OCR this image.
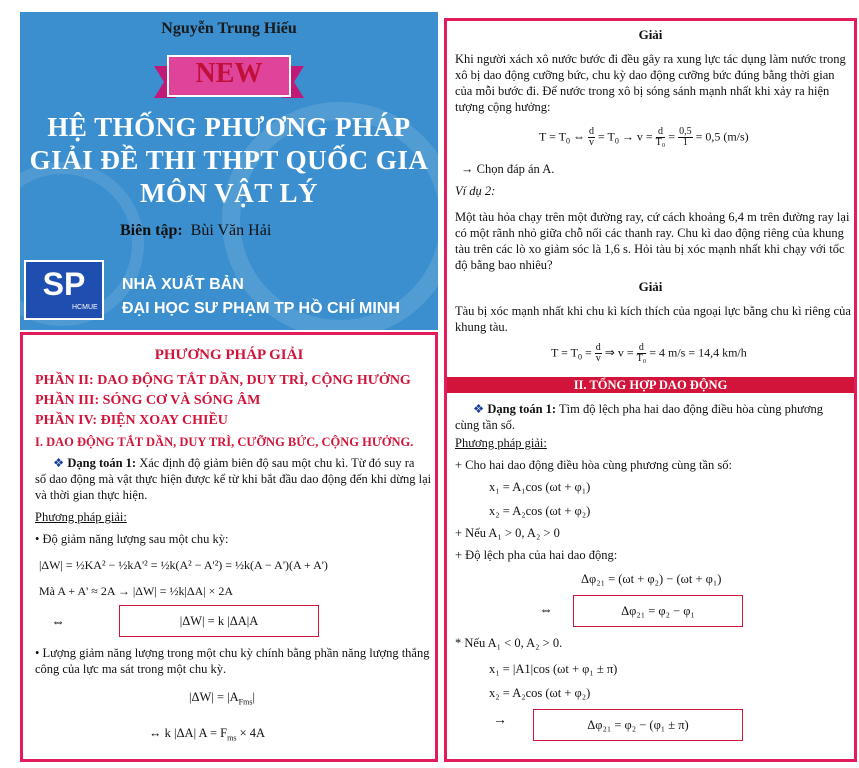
Nguyễn Trung Hiếu
NEW
HỆ THỐNG PHƯƠNG PHÁP
GIẢI ĐỀ THI THPT QUỐC GIA
MÔN VẬT LÝ
Biên tập: Bùi Văn Hải
SP
HCMUE
NHÀ XUẤT BẢN
ĐẠI HỌC SƯ PHẠM TP HỒ CHÍ MINH
PHƯƠNG PHÁP GIẢI
PHẦN II: DAO ĐỘNG TẮT DẦN, DUY TRÌ, CỘNG HƯỞNG
PHẦN III: SÓNG CƠ VÀ SÓNG ÂM
PHẦN IV: ĐIỆN XOAY CHIỀU
I. DAO ĐỘNG TẮT DẦN, DUY TRÌ, CƯỠNG BỨC, CỘNG HƯỞNG.
❖ Dạng toán 1: Xác định độ giảm biên độ sau một chu kì. Từ đó suy ra
số dao động mà vật thực hiện được kể từ khi bắt đầu dao động đến khi dừng lại
và thời gian thực hiện.
Phương pháp giải:
• Độ giảm năng lượng sau một chu kỳ:
|ΔW| = ½KA² − ½kA'² = ½k(A² − A'²) = ½k(A − A')(A + A')
Mà A + A' ≈ 2A → |ΔW| = ½k|ΔA| × 2A
⇔	|ΔW| = k |ΔA|A
• Lượng giảm năng lượng trong một chu kỳ chính bằng phần năng lượng thắng
công của lực ma sát trong một chu kỳ.
$|\Delta W| = |A_{Fms}|$
↔ k |ΔA| $A = F_{ms} \times 4A$
Giải
Khi người xách xô nước bước đi đều gây ra xung lực tác dụng làm nước trong
xô bị dao động cưỡng bức, chu kỳ dao động cưỡng bức đúng bằng thời gian
của mỗi bước đi. Để nước trong xô bị sóng sánh mạnh nhất khi xảy ra hiện
tượng cộng hưởng:
$T = T_0$ ⇔ $\frac{d}{v} = T_0 \to v = \frac{d}{\text{T₀}} = \frac{0,5}{1} = 0,5$ (m/s)
→ Chọn đáp án A.
Ví dụ 2:
Một tàu hỏa chạy trên một đường ray, cứ cách khoảng 6,4 m trên đường ray lại
có một rãnh nhỏ giữa chỗ nối các thanh ray. Chu kì dao động riêng của khung
tàu trên các lò xo giảm sóc là 1,6 s. Hỏi tàu bị xóc mạnh nhất khi chạy với tốc
độ bằng bao nhiêu?
Giải
Tàu bị xóc mạnh nhất khi chu kì kích thích của ngoại lực bằng chu kì riêng của
khung tàu.
$T = T_0 = \frac{d}{v}$ ⇒ $v = \frac{d}{\text{T₀}} = 4$ m/s = 14,4 km/h
II. TỔNG HỢP DAO ĐỘNG
❖ Dạng toán 1: Tìm độ lệch pha hai dao động điều hòa cùng phương
cùng tần số.
Phương pháp giải:
+ Cho hai dao động điều hòa cùng phương cùng tần số:
x₁ = A₁cos (ωt + φ₁)
x₂ = A₂cos (ωt + φ₂)
+ Nếu A₁ > 0, A₂ > 0
+ Độ lệch pha của hai dao động:
Δφ₂₁ = (ωt + φ₂) − (ωt + φ₁)
⇔	Δφ₂₁ = φ₂ − φ₁
* Nếu A₁ < 0, A₂ > 0.
x₁ = |A1|cos (ωt + φ₁ ± π)
x₂ = A₂cos (ωt + φ₂)
→	Δφ₂₁ = φ₂ − (φ₁ ± π)
